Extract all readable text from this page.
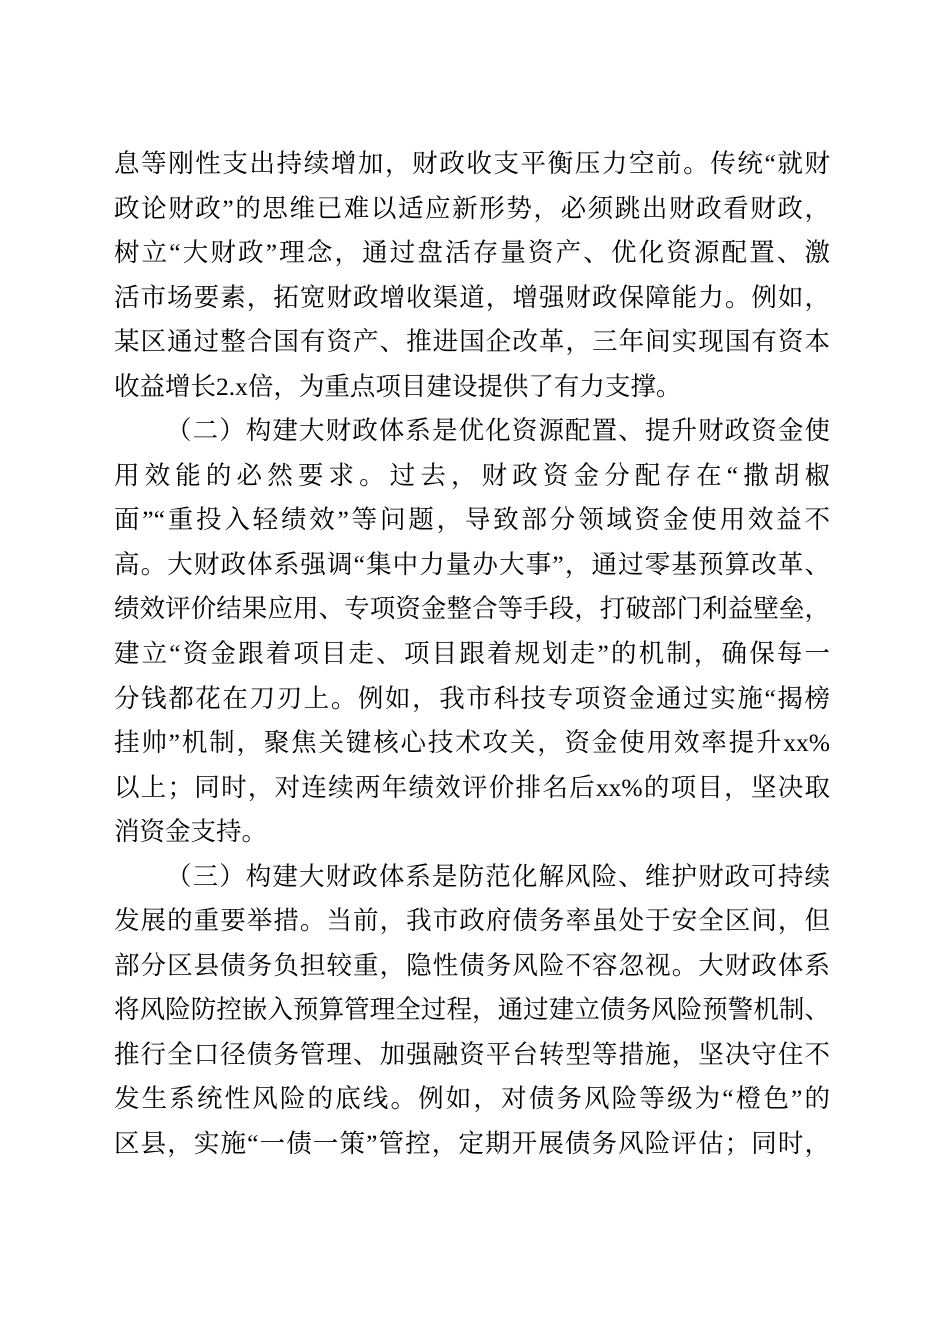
息等刚性支出持续增加，财政收支平衡压力空前。传统“就财
政论财政”的思维已难以适应新形势，必须跳出财政看财政，
树立“大财政”理念，通过盘活存量资产、优化资源配置、激
活市场要素，拓宽财政增收渠道，增强财政保障能力。例如，
某区通过整合国有资产、推进国企改革，三年间实现国有资本
收益增长2.x倍，为重点项目建设提供了有力支撑。
（二）构建大财政体系是优化资源配置、提升财政资金使
用效能的必然要求。过去，财政资金分配存在“撒胡椒
面”“重投入轻绩效”等问题，导致部分领域资金使用效益不
高。大财政体系强调“集中力量办大事”，通过零基预算改革、
绩效评价结果应用、专项资金整合等手段，打破部门利益壁垒，
建立“资金跟着项目走、项目跟着规划走”的机制，确保每一
分钱都花在刀刃上。例如，我市科技专项资金通过实施“揭榜
挂帅”机制，聚焦关键核心技术攻关，资金使用效率提升xx%
以上；同时，对连续两年绩效评价排名后xx%的项目，坚决取
消资金支持。
（三）构建大财政体系是防范化解风险、维护财政可持续
发展的重要举措。当前，我市政府债务率虽处于安全区间，但
部分区县债务负担较重，隐性债务风险不容忽视。大财政体系
将风险防控嵌入预算管理全过程，通过建立债务风险预警机制、
推行全口径债务管理、加强融资平台转型等措施，坚决守住不
发生系统性风险的底线。例如，对债务风险等级为“橙色”的
区县，实施“一债一策”管控，定期开展债务风险评估；同时，
